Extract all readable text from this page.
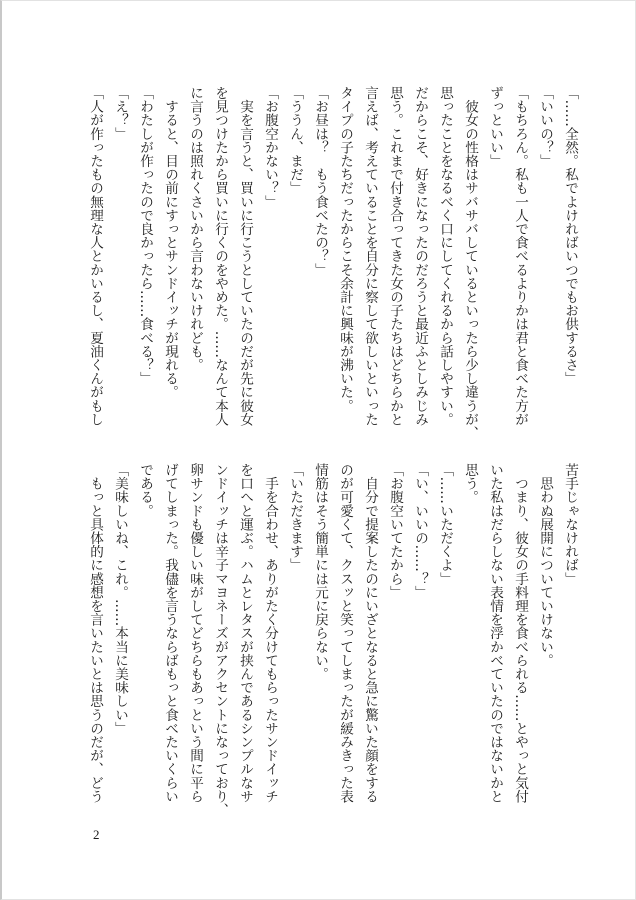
「……全然。私でよければいつでもお供するさ」
「いいの？」
「もちろん。私も一人で食べるよりかは君と食べた方が
ずっといい」
　彼女の性格はサバサバしているといったら少し違うが、
思ったことをなるべく口にしてくれるから話しやすい。
だからこそ、好きになったのだろうと最近ふとしみじみ
思う。これまで付き合ってきた女の子たちはどちらかと
言えば、考えていることを自分に察して欲しいといった
タイプの子たちだったからこそ余計に興味が沸いた。
「お昼は？　もう食べたの？」
「ううん、まだ」
「お腹空かない？」
　実を言うと、買いに行こうとしていたのだが先に彼女
を見つけたから買いに行くのをやめた。……なんて本人
に言うのは照れくさいから言わないけれども。
　すると、目の前にすっとサンドイッチが現れる。
「わたしが作ったので良かったら……食べる？」
「え？」
「人が作ったもの無理な人とかいるし、夏油くんがもし
苦手じゃなければ」
　思わぬ展開についていけない。
　つまり、彼女の手料理を食べられる……とやっと気付
いた私はだらしない表情を浮かべていたのではないかと
思う。
「……いただくよ」
「い、いいの……？」
「お腹空いてたから」
　自分で提案したのにいざとなると急に驚いた顔をする
のが可愛くて、クスッと笑ってしまったが緩みきった表
情筋はそう簡単には元に戻らない。
「いただきます」
　手を合わせ、ありがたく分けてもらったサンドイッチ
を口へと運ぶ。ハムとレタスが挟んであるシンプルなサ
ンドイッチは辛子マヨネーズがアクセントになっており、
卵サンドも優しい味がしてどちらもあっという間に平ら
げてしまった。我儘を言うならばもっと食べたいくらい
である。
「美味しいね、これ。……本当に美味しい」
　もっと具体的に感想を言いたいとは思うのだが、どう
2
